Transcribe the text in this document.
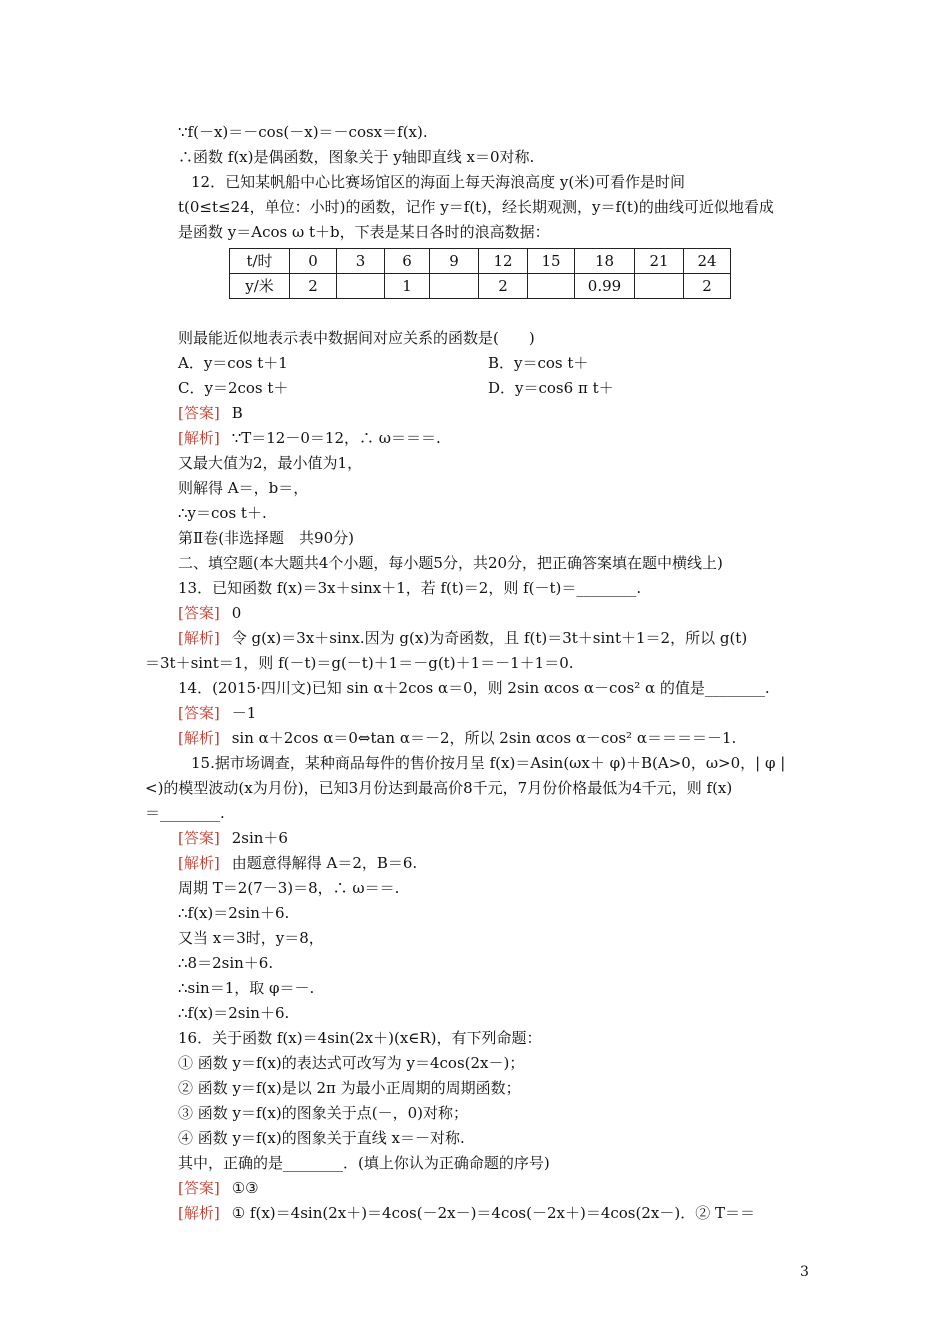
∵f(－x)＝－cos(－x)＝－cosx＝f(x).
∴函数 f(x)是偶函数，图象关于 y轴即直线 x＝0对称.
12．已知某帆船中心比赛场馆区的海面上每天海浪高度 y(米)可看作是时间
t(0≤t≤24，单位：小时)的函数，记作 y＝f(t)，经长期观测，y＝f(t)的曲线可近似地看成
是函数 y＝Acos ω t＋b，下表是某日各时的浪高数据：
t/时	0	3	6	9	12	15	18	21	24
y/米	2		1		2		0.99		2
则最能近似地表示表中数据间对应关系的函数是(　　)
A．y＝cos t＋1	B．y＝cos t＋
C．y＝2cos t＋	D．y＝cos6 π t＋
[答案] B
[解析] ∵T＝12－0＝12，∴ ω＝＝＝.
又最大值为2，最小值为1，
则解得 A＝，b＝，
∴y＝cos t＋.
第Ⅱ卷(非选择题　共90分)
二、填空题(本大题共4个小题，每小题5分，共20分，把正确答案填在题中横线上)
13．已知函数 f(x)＝3x＋sinx＋1，若 f(t)＝2，则 f(－t)＝________.
[答案] 0
[解析] 令 g(x)＝3x＋sinx.因为 g(x)为奇函数，且 f(t)＝3t＋sint＋1＝2，所以 g(t)
＝3t＋sint＝1，则 f(－t)＝g(－t)＋1＝－g(t)＋1＝－1＋1＝0.
14．(2015·四川文)已知 sin α＋2cos α＝0，则 2sin αcos α－cos² α 的值是________.
[答案] －1
[解析] sin α＋2cos α＝0⇔tan α＝－2，所以 2sin αcos α－cos² α＝＝＝＝－1.
15.据市场调查，某种商品每件的售价按月呈 f(x)＝Asin(ωx＋ φ)＋B(A>0，ω>0，| φ |
<)的模型波动(x为月份)，已知3月份达到最高价8千元，7月份价格最低为4千元，则 f(x)
＝________.
[答案] 2sin＋6
[解析] 由题意得解得 A＝2，B＝6.
周期 T＝2(7－3)＝8，∴ ω＝＝.
∴f(x)＝2sin＋6.
又当 x＝3时，y＝8，
∴8＝2sin＋6.
∴sin＝1，取 φ＝－.
∴f(x)＝2sin＋6.
16．关于函数 f(x)＝4sin(2x＋)(x∈R)，有下列命题：
① 函数 y＝f(x)的表达式可改写为 y＝4cos(2x－)；
② 函数 y＝f(x)是以 2π 为最小正周期的周期函数；
③ 函数 y＝f(x)的图象关于点(－，0)对称；
④ 函数 y＝f(x)的图象关于直线 x＝－对称.
其中，正确的是________．(填上你认为正确命题的序号)
[答案] ①③
[解析] ① f(x)＝4sin(2x＋)＝4cos(－2x－)＝4cos(－2x＋)＝4cos(2x－)．② T＝＝
3
